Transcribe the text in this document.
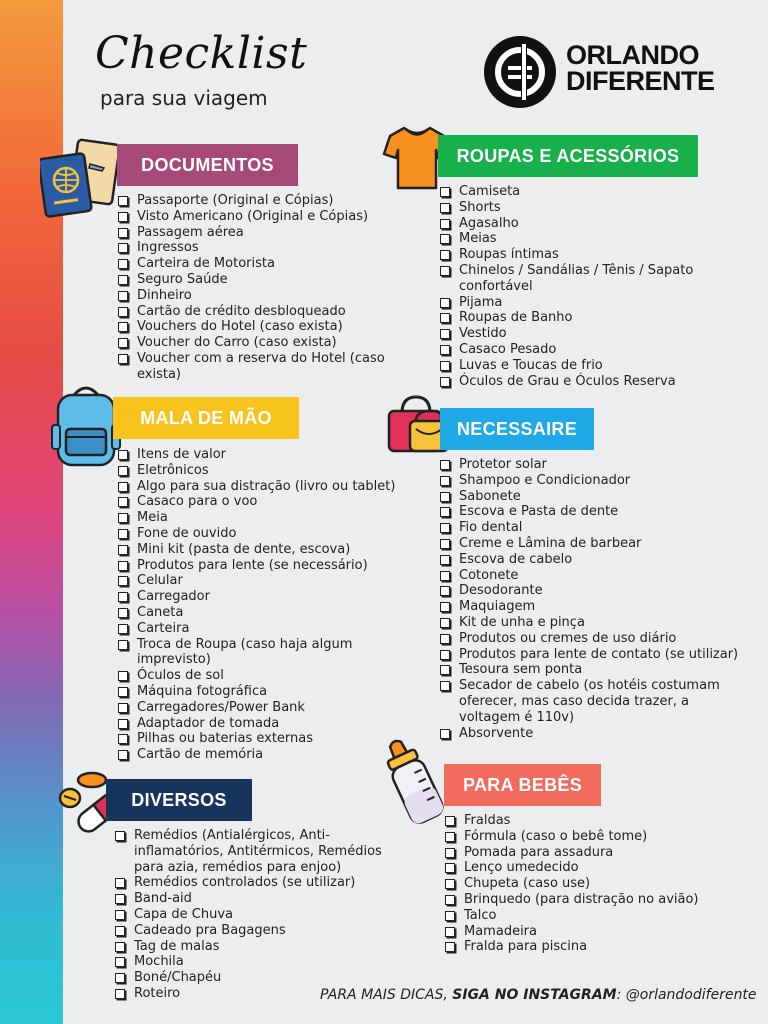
Checklist
para sua viagem
ORLANDO
DIFERENTE
DOCUMENTOS
Passaporte (Original e Cópias)
Visto Americano (Original e Cópias)
Passagem aérea
Ingressos
Carteira de Motorista
Seguro Saúde
Dinheiro
Cartão de crédito desbloqueado
Vouchers do Hotel (caso exista)
Voucher do Carro (caso exista)
Voucher com a reserva do Hotel (caso exista)
ROUPAS E ACESSÓRIOS
Camiseta
Shorts
Agasalho
Meias
Roupas íntimas
Chinelos / Sandálias / Tênis / Sapato confortável
Pijama
Roupas de Banho
Vestido
Casaco Pesado
Luvas e Toucas de frio
Óculos de Grau e Óculos Reserva
MALA DE MÃO
Itens de valor
Eletrônicos
Algo para sua distração (livro ou tablet)
Casaco para o voo
Meia
Fone de ouvido
Mini kit (pasta de dente, escova)
Produtos para lente (se necessário)
Celular
Carregador
Caneta
Carteira
Troca de Roupa (caso haja algum imprevisto)
Óculos de sol
Máquina fotográfica
Carregadores/Power Bank
Adaptador de tomada
Pilhas ou baterias externas
Cartão de memória
NECESSAIRE
Protetor solar
Shampoo e Condicionador
Sabonete
Escova e Pasta de dente
Fio dental
Creme e Lâmina de barbear
Escova de cabelo
Cotonete
Desodorante
Maquiagem
Kit de unha e pinça
Produtos ou cremes de uso diário
Produtos para lente de contato (se utilizar)
Tesoura sem ponta
Secador de cabelo (os hotéis costumam oferecer, mas caso decida trazer, a voltagem é 110v)
Absorvente
DIVERSOS
Remédios (Antialérgicos, Anti-inflamatórios, Antitérmicos, Remédios para azia, remédios para enjoo)
Remédios controlados (se utilizar)
Band-aid
Capa de Chuva
Cadeado pra Bagagens
Tag de malas
Mochila
Boné/Chapéu
Roteiro
PARA BEBÊS
Fraldas
Fórmula (caso o bebê tome)
Pomada para assadura
Lenço umedecido
Chupeta (caso use)
Brinquedo (para distração no avião)
Talco
Mamadeira
Fralda para piscina
PARA MAIS DICAS, SIGA NO INSTAGRAM: @orlandodiferente
